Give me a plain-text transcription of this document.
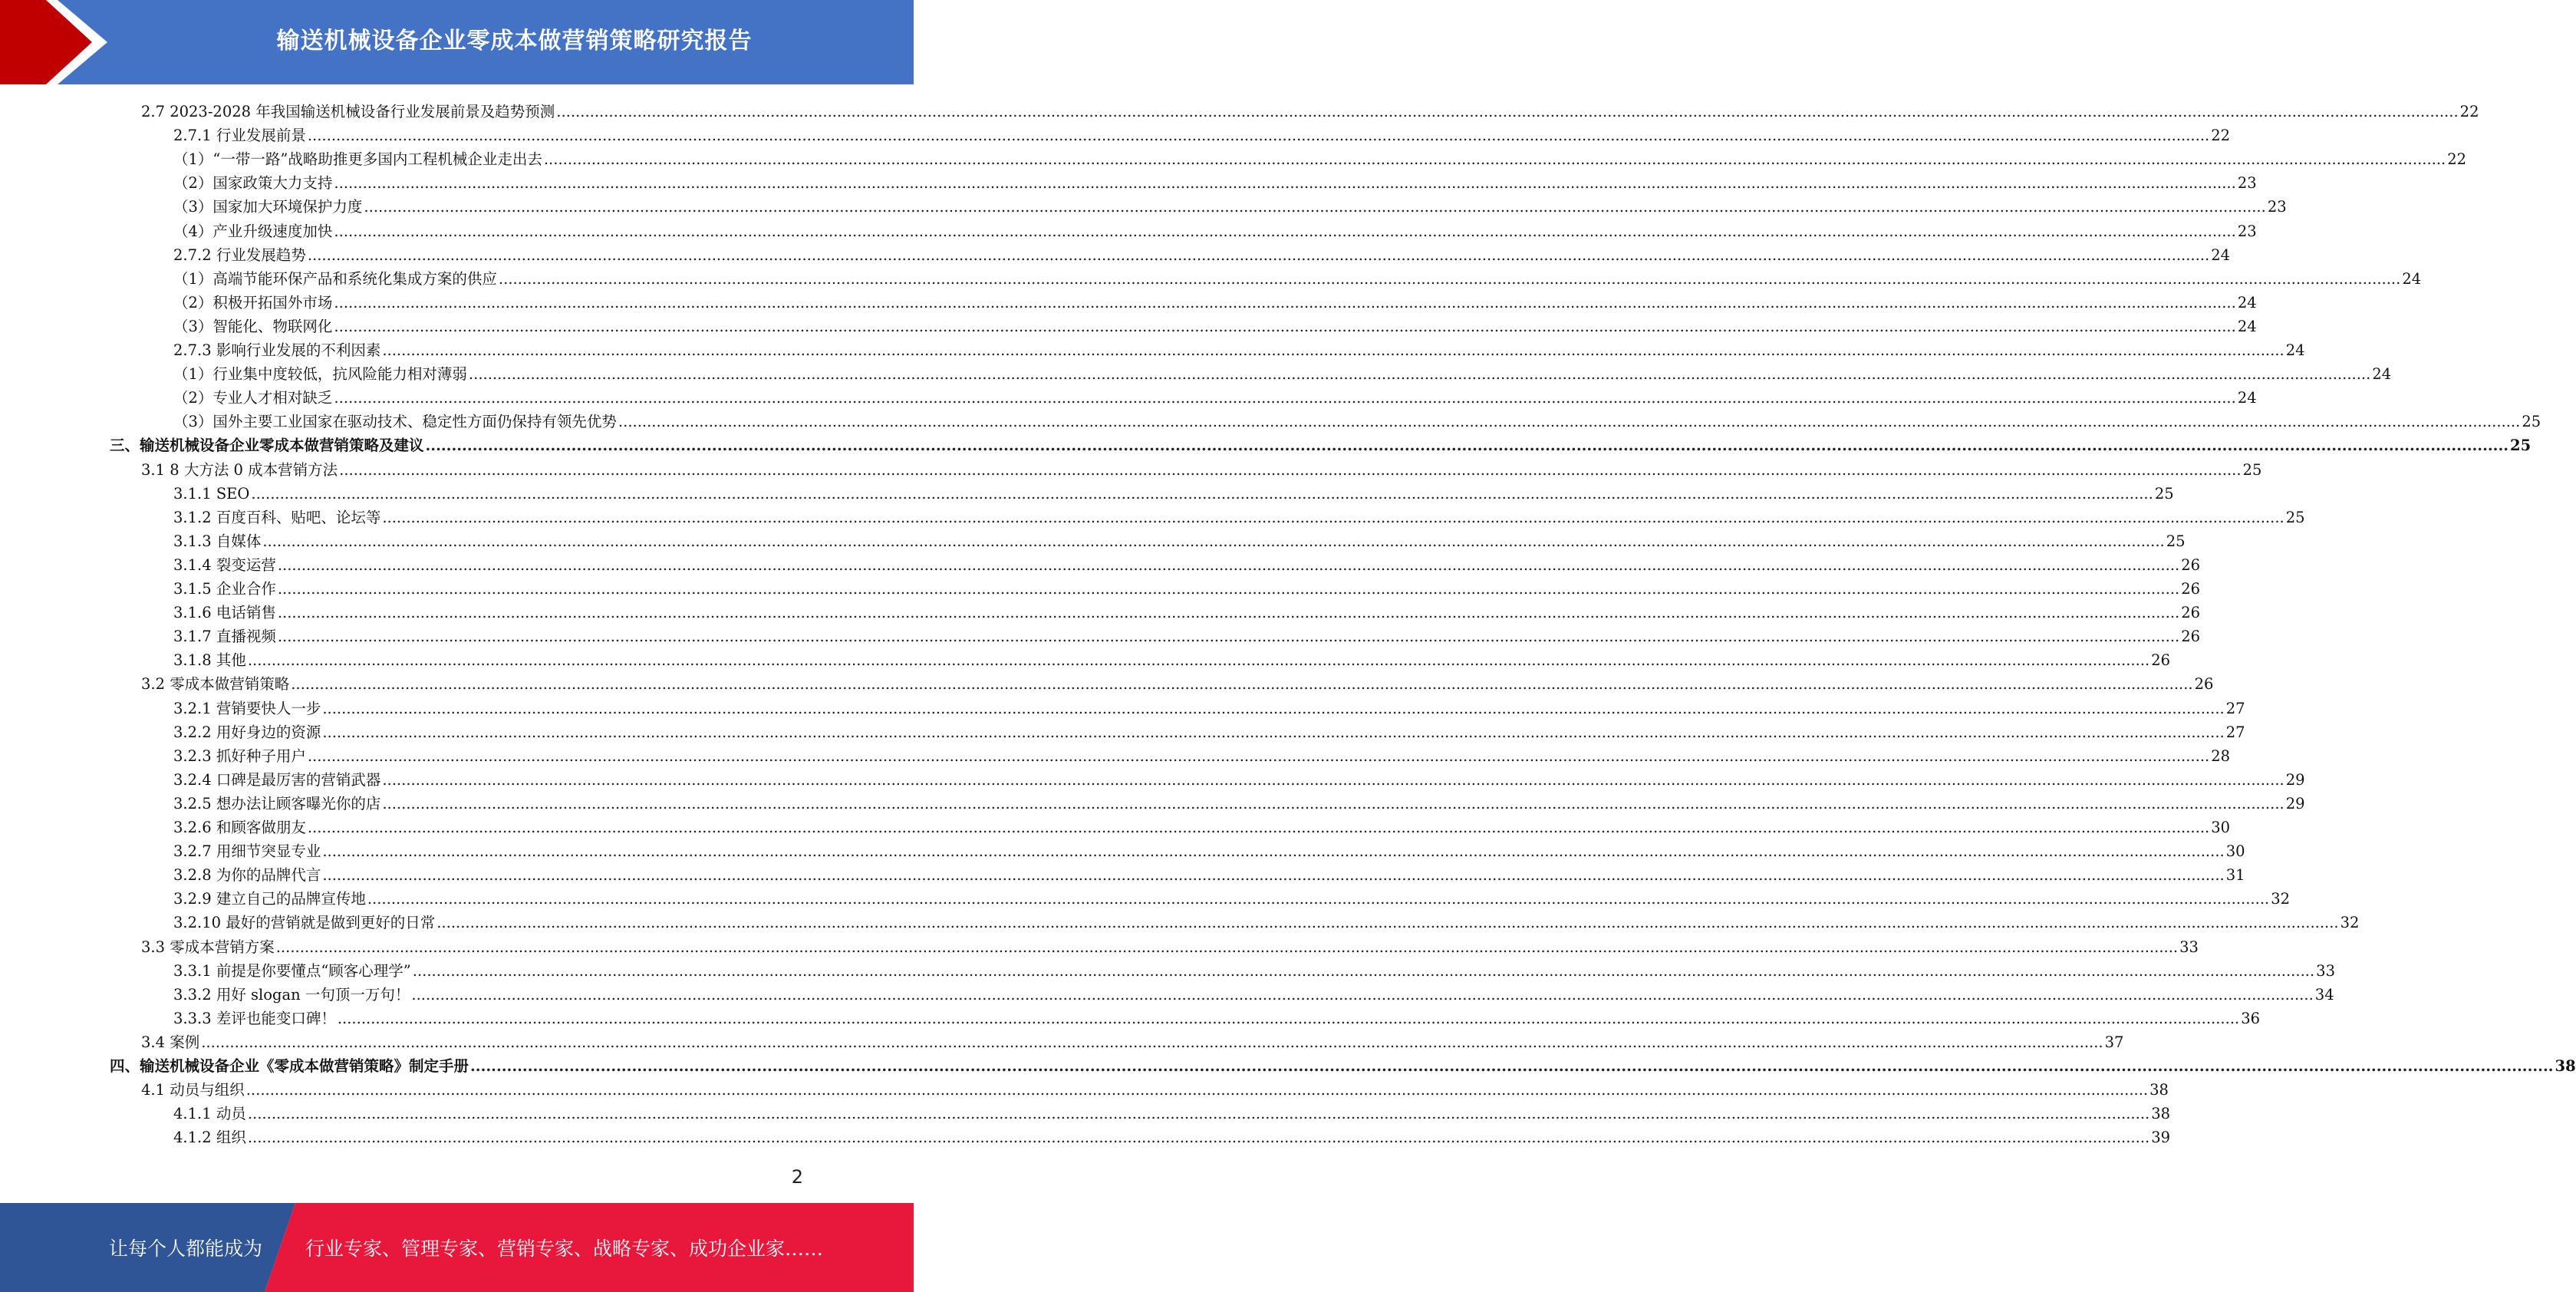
输送机械设备企业零成本做营销策略研究报告
2.7 2023-2028 年我国输送机械设备行业发展前景及趋势预测 ................................................................................................................................................................................................................................................................................................................................................................................................................ 22
2.7.1 行业发展前景 ................................................................................................................................................................................................................................................................................................................................................................................................................ 22
（1）“一带一路”战略助推更多国内工程机械企业走出去 ................................................................................................................................................................................................................................................................................................................................................................................................................ 22
（2）国家政策大力支持 ................................................................................................................................................................................................................................................................................................................................................................................................................ 23
（3）国家加大环境保护力度 ................................................................................................................................................................................................................................................................................................................................................................................................................ 23
（4）产业升级速度加快 ................................................................................................................................................................................................................................................................................................................................................................................................................ 23
2.7.2 行业发展趋势 ................................................................................................................................................................................................................................................................................................................................................................................................................ 24
（1）高端节能环保产品和系统化集成方案的供应 ................................................................................................................................................................................................................................................................................................................................................................................................................ 24
（2）积极开拓国外市场 ................................................................................................................................................................................................................................................................................................................................................................................................................ 24
（3）智能化、物联网化 ................................................................................................................................................................................................................................................................................................................................................................................................................ 24
2.7.3 影响行业发展的不利因素 ................................................................................................................................................................................................................................................................................................................................................................................................................ 24
（1）行业集中度较低，抗风险能力相对薄弱 ................................................................................................................................................................................................................................................................................................................................................................................................................ 24
（2）专业人才相对缺乏 ................................................................................................................................................................................................................................................................................................................................................................................................................ 24
（3）国外主要工业国家在驱动技术、稳定性方面仍保持有领先优势 ................................................................................................................................................................................................................................................................................................................................................................................................................ 25
三、输送机械设备企业零成本做营销策略及建议 ................................................................................................................................................................................................................................................................................................................................................................................................................ 25
3.1 8 大方法 0 成本营销方法 ................................................................................................................................................................................................................................................................................................................................................................................................................ 25
3.1.1 SEO ................................................................................................................................................................................................................................................................................................................................................................................................................ 25
3.1.2 百度百科、贴吧、论坛等 ................................................................................................................................................................................................................................................................................................................................................................................................................ 25
3.1.3 自媒体 ................................................................................................................................................................................................................................................................................................................................................................................................................ 25
3.1.4 裂变运营 ................................................................................................................................................................................................................................................................................................................................................................................................................ 26
3.1.5 企业合作 ................................................................................................................................................................................................................................................................................................................................................................................................................ 26
3.1.6 电话销售 ................................................................................................................................................................................................................................................................................................................................................................................................................ 26
3.1.7 直播视频 ................................................................................................................................................................................................................................................................................................................................................................................................................ 26
3.1.8 其他 ................................................................................................................................................................................................................................................................................................................................................................................................................ 26
3.2 零成本做营销策略 ................................................................................................................................................................................................................................................................................................................................................................................................................ 26
3.2.1 营销要快人一步 ................................................................................................................................................................................................................................................................................................................................................................................................................ 27
3.2.2 用好身边的资源 ................................................................................................................................................................................................................................................................................................................................................................................................................ 27
3.2.3 抓好种子用户 ................................................................................................................................................................................................................................................................................................................................................................................................................ 28
3.2.4 口碑是最厉害的营销武器 ................................................................................................................................................................................................................................................................................................................................................................................................................ 29
3.2.5 想办法让顾客曝光你的店 ................................................................................................................................................................................................................................................................................................................................................................................................................ 29
3.2.6 和顾客做朋友 ................................................................................................................................................................................................................................................................................................................................................................................................................ 30
3.2.7 用细节突显专业 ................................................................................................................................................................................................................................................................................................................................................................................................................ 30
3.2.8 为你的品牌代言 ................................................................................................................................................................................................................................................................................................................................................................................................................ 31
3.2.9 建立自己的品牌宣传地 ................................................................................................................................................................................................................................................................................................................................................................................................................ 32
3.2.10 最好的营销就是做到更好的日常 ................................................................................................................................................................................................................................................................................................................................................................................................................ 32
3.3 零成本营销方案 ................................................................................................................................................................................................................................................................................................................................................................................................................ 33
3.3.1 前提是你要懂点“顾客心理学” ................................................................................................................................................................................................................................................................................................................................................................................................................ 33
3.3.2 用好 slogan 一句顶一万句！ ................................................................................................................................................................................................................................................................................................................................................................................................................ 34
3.3.3 差评也能变口碑！ ................................................................................................................................................................................................................................................................................................................................................................................................................ 36
3.4 案例 ................................................................................................................................................................................................................................................................................................................................................................................................................ 37
四、输送机械设备企业《零成本做营销策略》制定手册 ................................................................................................................................................................................................................................................................................................................................................................................................................ 38
4.1 动员与组织 ................................................................................................................................................................................................................................................................................................................................................................................................................ 38
4.1.1 动员 ................................................................................................................................................................................................................................................................................................................................................................................................................ 38
4.1.2 组织 ................................................................................................................................................................................................................................................................................................................................................................................................................ 39
2
让每个人都能成为 行业专家、管理专家、营销专家、战略专家、成功企业家……
